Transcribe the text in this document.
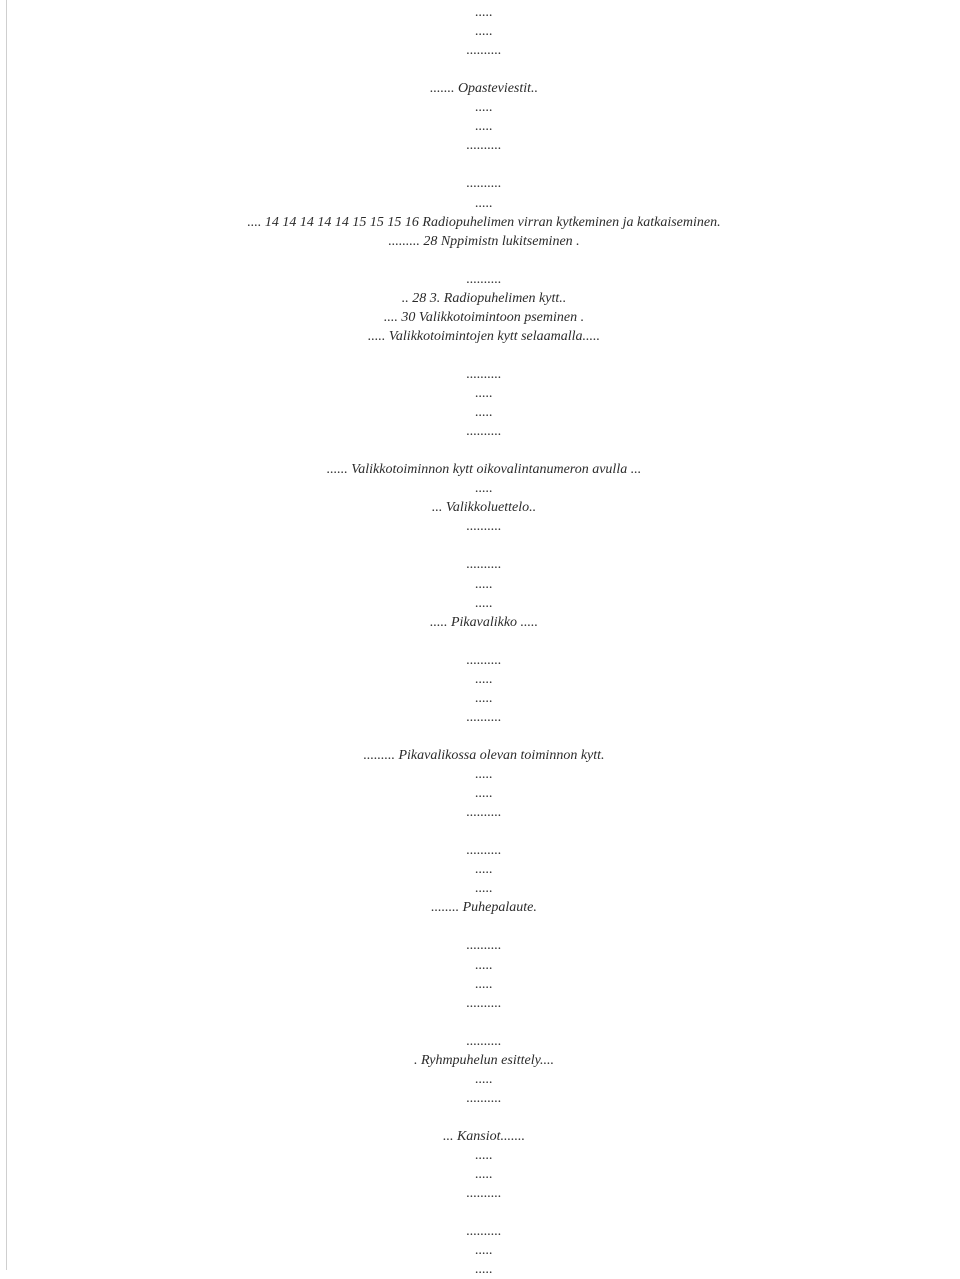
.....
.....
..........
....... Opasteviestit..
.....
.....
..........
..........
.....
.... 14 14 14 14 14 15 15 15 16 Radiopuhelimen virran kytkeminen ja katkaiseminen.
......... 28 Nppimistn lukitseminen .
..........
.. 28 3. Radiopuhelimen kytt..
.... 30 Valikkotoimintoon pseminen .
..... Valikkotoimintojen kytt selaamalla.....
..........
.....
.....
..........
...... Valikkotoiminnon kytt oikovalintanumeron avulla ...
.....
... Valikkoluettelo..
..........
..........
.....
.....
..... Pikavalikko .....
..........
.....
.....
..........
......... Pikavalikossa olevan toiminnon kytt.
.....
.....
..........
..........
.....
.....
........ Puhepalaute.
..........
.....
.....
..........
..........
. Ryhmpuhelun esittely....
.....
..........
... Kansiot.......
.....
.....
..........
..........
.....
.....
